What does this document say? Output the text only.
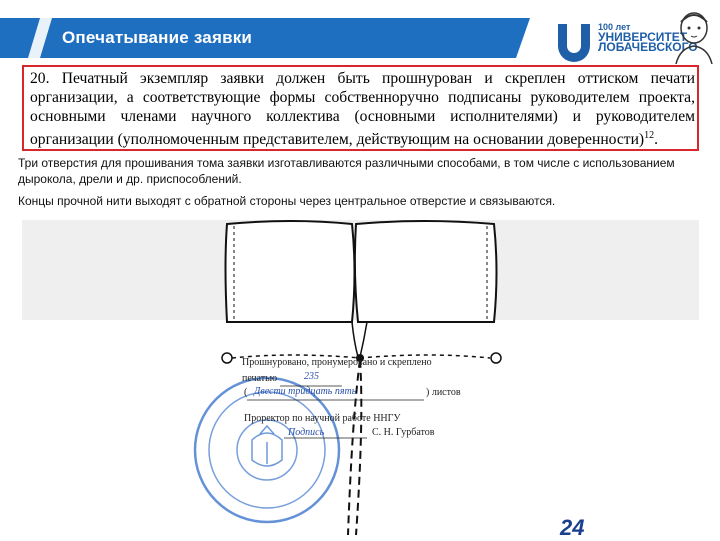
Опечатывание заявки
100 лет
УНИВЕРСИТЕТ
ЛОБАЧЕВСКОГО
20. Печатный экземпляр заявки должен быть прошнурован и скреплен оттиском печати организации, а соответствующие формы собственноручно подписаны руководителем проекта, основными членами научного коллектива (основными исполнителями) и руководителем организации (уполномоченным представителем, действующим на основании доверенности)$^{12}$.
Три отверстия для прошивания тома заявки изготавливаются различными способами, в том числе с использованием дырокола, дрели и др. приспособлений.
Концы прочной нити выходят с обратной стороны через центральное отверстие и связываются.
Прошнуровано, пронумеровано и скреплено
печатью	235
( Двести тридцать пять	) листов
Проректор по научной работе ННГУ
Подпись	С. Н. Гурбатов
24
